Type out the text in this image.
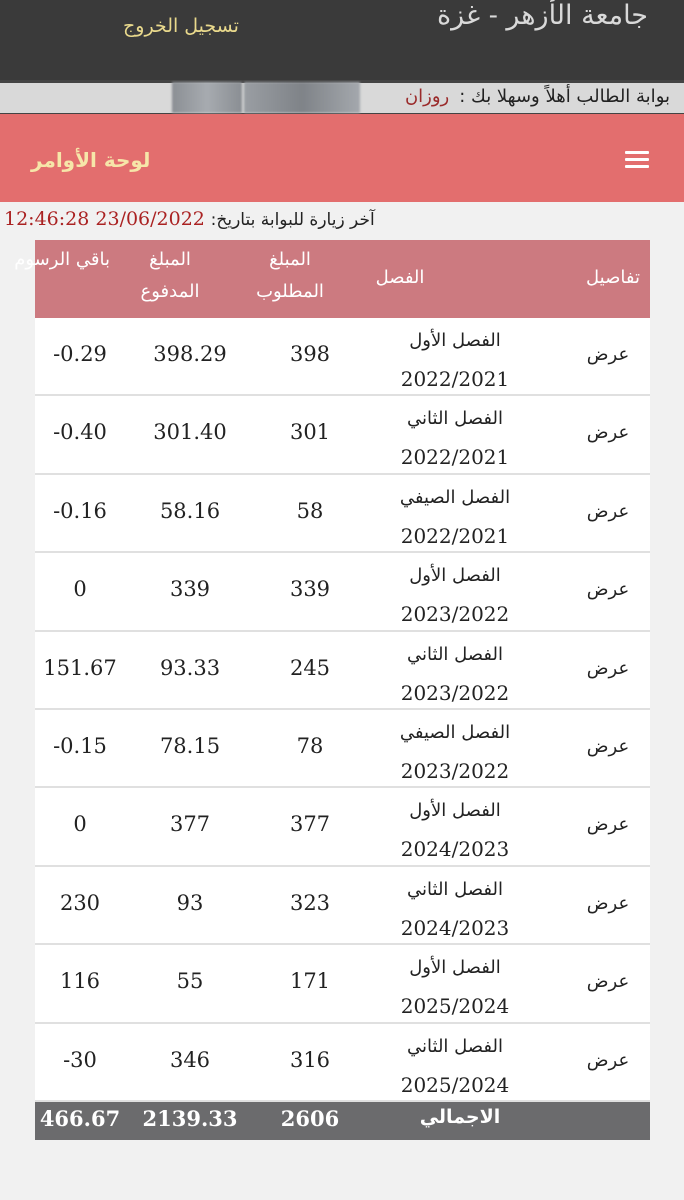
جامعة الأزهر - غزة
تسجيل الخروج
بوابة الطالب أهلاً وسهلا بك :روزان
لوحة الأوامر
آخر زيارة للبوابة بتاريخ: 23/06/2022 12:46:28
تفاصيل
الفصل
المبلغ المطلوب
المبلغ المدفوع
باقي الرسوم
عرض
الفصل الأول
2022/2021
398
398.29
-0.29
عرض
الفصل الثاني
2022/2021
301
301.40
-0.40
عرض
الفصل الصيفي
2022/2021
58
58.16
-0.16
عرض
الفصل الأول
2023/2022
339
339
0
عرض
الفصل الثاني
2023/2022
245
93.33
151.67
عرض
الفصل الصيفي
2023/2022
78
78.15
-0.15
عرض
الفصل الأول
2024/2023
377
377
0
عرض
الفصل الثاني
2024/2023
323
93
230
عرض
الفصل الأول
2025/2024
171
55
116
عرض
الفصل الثاني
2025/2024
316
346
-30
الاجمالي
2606
2139.33
466.67
